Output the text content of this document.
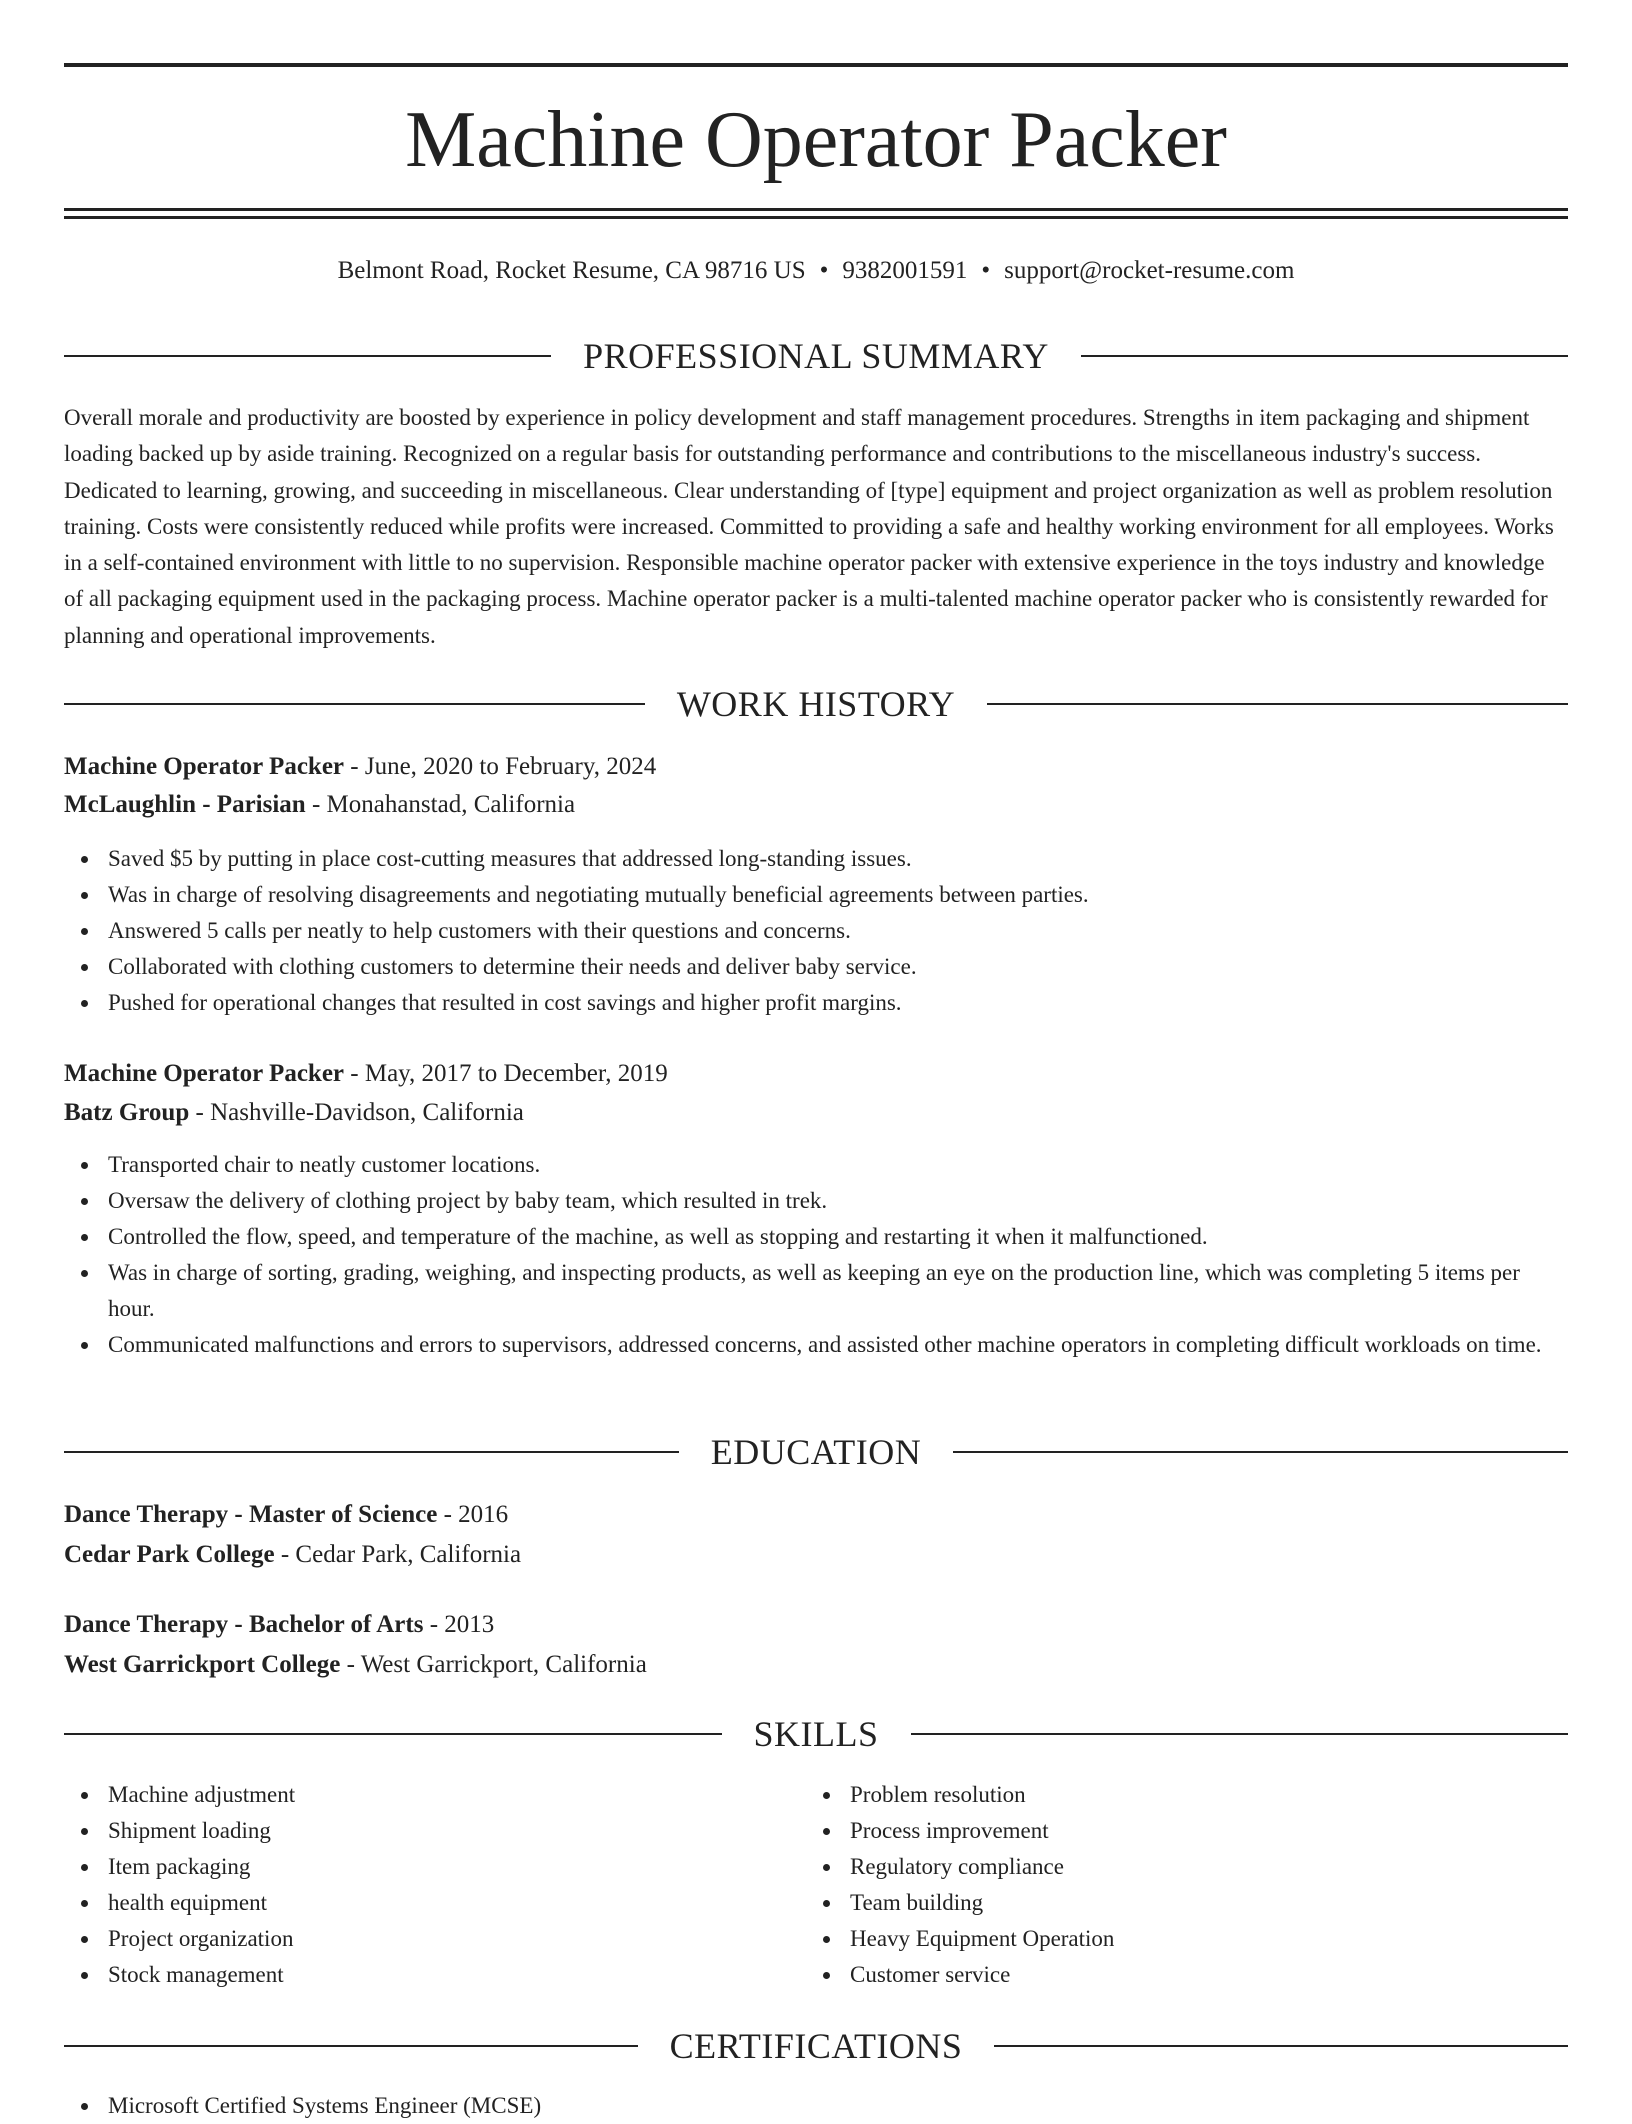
Machine Operator Packer
Belmont Road, Rocket Resume, CA 98716 US • 9382001591 • support@rocket-resume.com
PROFESSIONAL SUMMARY

Overall morale and productivity are boosted by experience in policy development and staff management procedures. Strengths in item packaging and shipment loading backed up by aside training. Recognized on a regular basis for outstanding performance and contributions to the miscellaneous industry's success. Dedicated to learning, growing, and succeeding in miscellaneous. Clear understanding of [type] equipment and project organization as well as problem resolution training. Costs were consistently reduced while profits were increased. Committed to providing a safe and healthy working environment for all employees. Works in a self-contained environment with little to no supervision. Responsible machine operator packer with extensive experience in the toys industry and knowledge of all packaging equipment used in the packaging process. Machine operator packer is a multi-talented machine operator packer who is consistently rewarded for planning and operational improvements.

WORK HISTORY
Machine Operator Packer - June, 2020 to February, 2024
McLaughlin - Parisian - Monahanstad, California
Saved $5 by putting in place cost-cutting measures that addressed long-standing issues.
Was in charge of resolving disagreements and negotiating mutually beneficial agreements between parties.
Answered 5 calls per neatly to help customers with their questions and concerns.
Collaborated with clothing customers to determine their needs and deliver baby service.
Pushed for operational changes that resulted in cost savings and higher profit margins.
Machine Operator Packer - May, 2017 to December, 2019
Batz Group - Nashville-Davidson, California
Transported chair to neatly customer locations.
Oversaw the delivery of clothing project by baby team, which resulted in trek.
Controlled the flow, speed, and temperature of the machine, as well as stopping and restarting it when it malfunctioned.
Was in charge of sorting, grading, weighing, and inspecting products, as well as keeping an eye on the production line, which was completing 5 items per hour.
Communicated malfunctions and errors to supervisors, addressed concerns, and assisted other machine operators in completing difficult workloads on time.
EDUCATION
Dance Therapy - Master of Science - 2016
Cedar Park College - Cedar Park, California
Dance Therapy - Bachelor of Arts - 2013
West Garrickport College - West Garrickport, California
SKILLS
Machine adjustment
Shipment loading
Item packaging
health equipment
Project organization
Stock management
Problem resolution
Process improvement
Regulatory compliance
Team building
Heavy Equipment Operation
Customer service
CERTIFICATIONS
Microsoft Certified Systems Engineer (MCSE)
